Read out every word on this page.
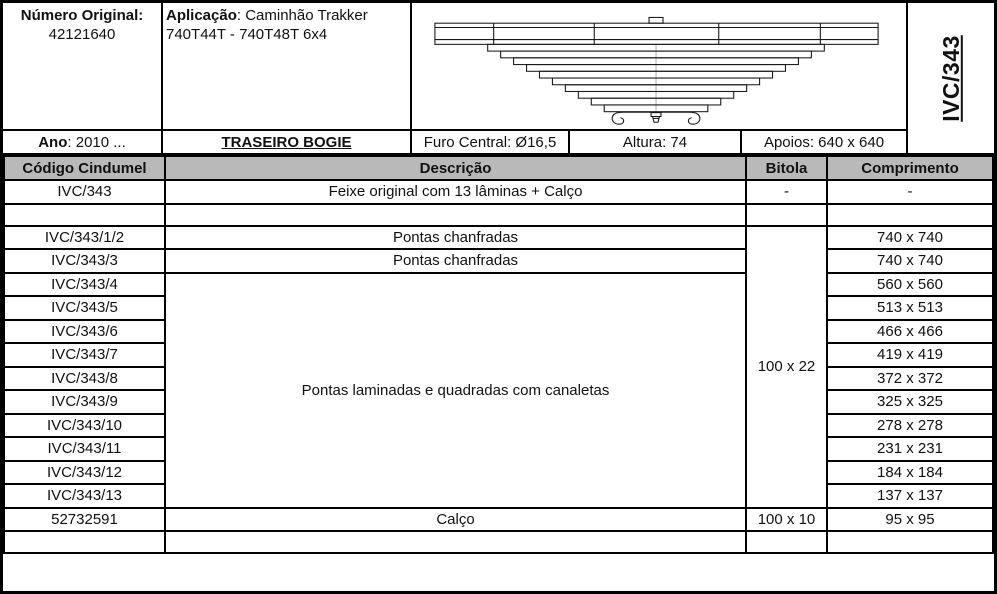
Número Original:
42121640
Aplicação: Caminhão Trakker
740T44T - 740T48T 6x4
IVC/343
Ano: 2010 ...	TRASEIRO BOGIE	Furo Central: Ø16,5	Altura: 74	Apoios: 640 x 640
Código Cindumel	Descrição	Bitola	Comprimento
IVC/343	Feixe original com 13 lâminas + Calço	-	-

IVC/343/1/2	Pontas chanfradas	100 x 22	740 x 740
IVC/343/3	Pontas chanfradas		740 x 740
IVC/343/4	Pontas laminadas e quadradas com canaletas		560 x 560
IVC/343/5			513 x 513
IVC/343/6			466 x 466
IVC/343/7			419 x 419
IVC/343/8			372 x 372
IVC/343/9			325 x 325
IVC/343/10			278 x 278
IVC/343/11			231 x 231
IVC/343/12			184 x 184
IVC/343/13			137 x 137
52732591	Calço	100 x 10	95 x 95
